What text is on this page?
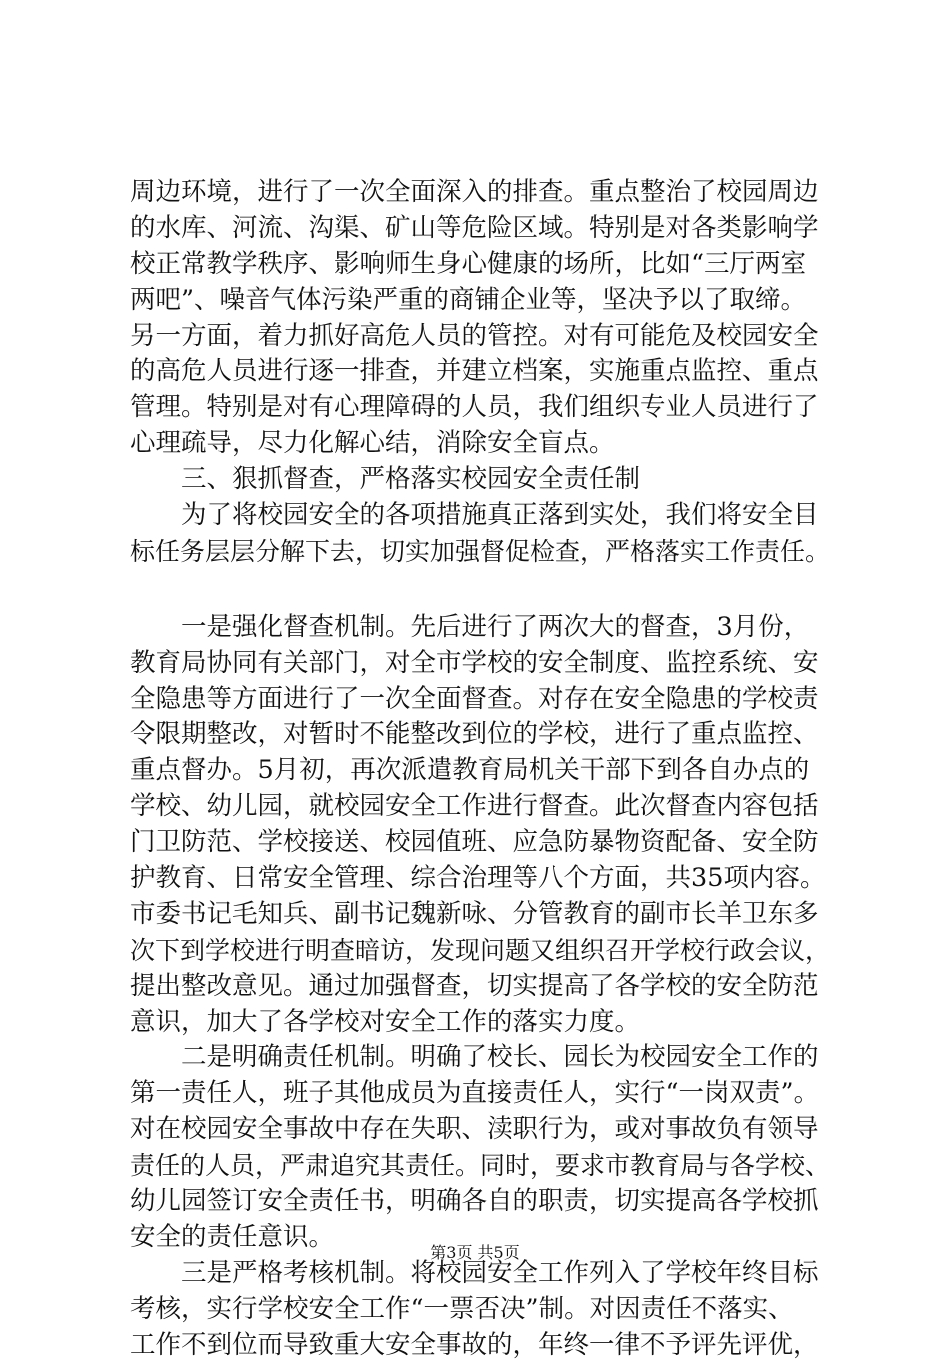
周边环境，进行了一次全面深入的排查。重点整治了校园周边
的水库、河流、沟渠、矿山等危险区域。特别是对各类影响学
校正常教学秩序、影响师生身心健康的场所，比如“三厅两室
两吧”、噪音气体污染严重的商铺企业等，坚决予以了取缔。
另一方面，着力抓好高危人员的管控。对有可能危及校园安全
的高危人员进行逐一排查，并建立档案，实施重点监控、重点
管理。特别是对有心理障碍的人员，我们组织专业人员进行了
心理疏导，尽力化解心结，消除安全盲点。
　　三、狠抓督查，严格落实校园安全责任制
　　为了将校园安全的各项措施真正落到实处，我们将安全目
标任务层层分解下去，切实加强督促检查，严格落实工作责任。
　　一是强化督查机制。先后进行了两次大的督查，3月份，
教育局协同有关部门，对全市学校的安全制度、监控系统、安
全隐患等方面进行了一次全面督查。对存在安全隐患的学校责
令限期整改，对暂时不能整改到位的学校，进行了重点监控、
重点督办。5月初，再次派遣教育局机关干部下到各自办点的
学校、幼儿园，就校园安全工作进行督查。此次督查内容包括
门卫防范、学校接送、校园值班、应急防暴物资配备、安全防
护教育、日常安全管理、综合治理等八个方面，共35项内容。
市委书记毛知兵、副书记魏新咏、分管教育的副市长羊卫东多
次下到学校进行明查暗访，发现问题又组织召开学校行政会议，
提出整改意见。通过加强督查，切实提高了各学校的安全防范
意识，加大了各学校对安全工作的落实力度。
　　二是明确责任机制。明确了校长、园长为校园安全工作的
第一责任人，班子其他成员为直接责任人，实行“一岗双责”。
对在校园安全事故中存在失职、渎职行为，或对事故负有领导
责任的人员，严肃追究其责任。同时，要求市教育局与各学校、
幼儿园签订安全责任书，明确各自的职责，切实提高各学校抓
安全的责任意识。
　　三是严格考核机制。将校园安全工作列入了学校年终目标
考核，实行学校安全工作“一票否决”制。对因责任不落实、
工作不到位而导致重大安全事故的，年终一律不予评先评优，
第3页 共5页
